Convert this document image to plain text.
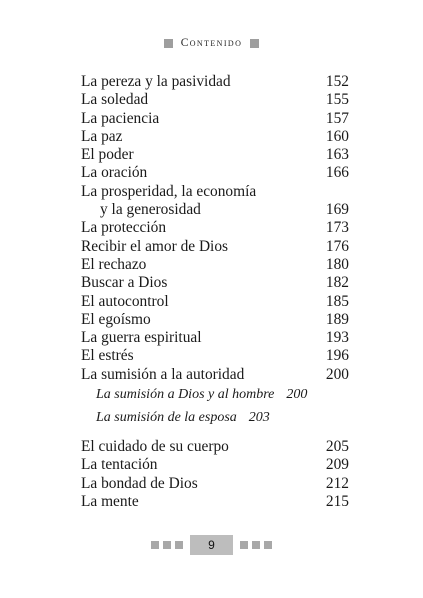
Contenido
La pereza y la pasividad	152
La soledad	155
La paciencia	157
La paz	160
El poder	163
La oración	166
La prosperidad, la economía
y la generosidad	169
La protección	173
Recibir el amor de Dios	176
El rechazo	180
Buscar a Dios	182
El autocontrol	185
El egoísmo	189
La guerra espiritual	193
El estrés	196
La sumisión a la autoridad	200
La sumisión a Dios y al hombre 200
La sumisión de la esposa 203
El cuidado de su cuerpo	205
La tentación	209
La bondad de Dios	212
La mente	215
9
